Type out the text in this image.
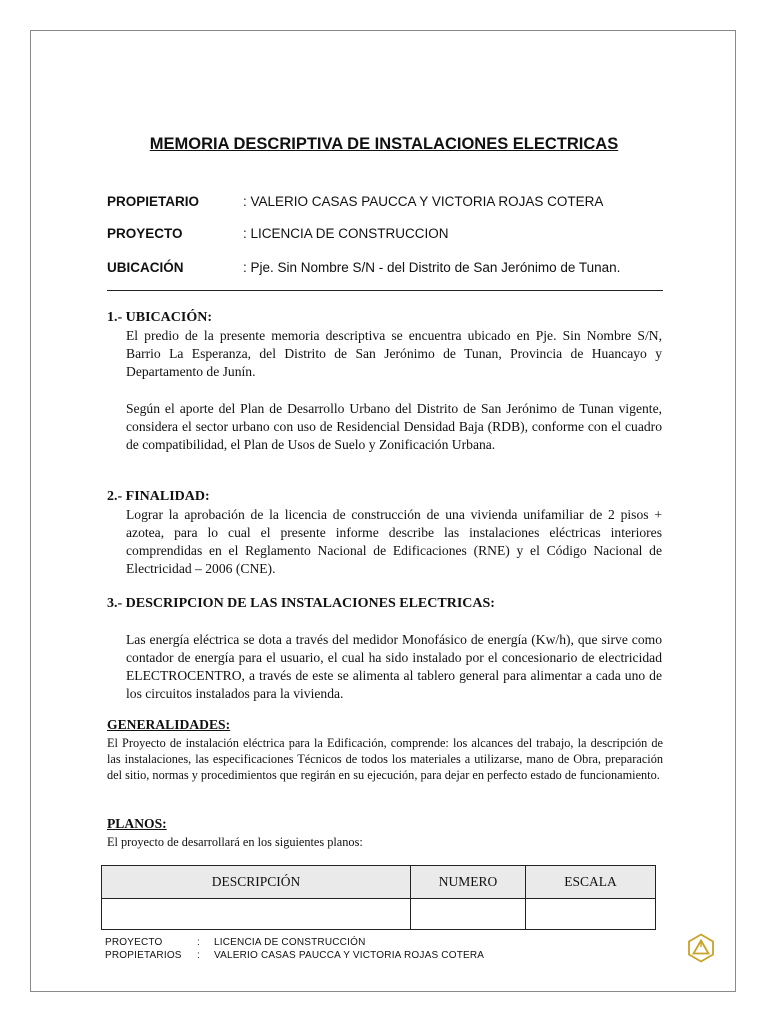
MEMORIA DESCRIPTIVA DE INSTALACIONES ELECTRICAS
PROPIETARIO	: VALERIO CASAS PAUCCA Y VICTORIA ROJAS COTERA
PROYECTO	: LICENCIA DE CONSTRUCCION
UBICACIÓN	: Pje. Sin Nombre S/N - del Distrito de San Jerónimo de Tunan.
1.- UBICACIÓN:
El predio de la presente memoria descriptiva se encuentra ubicado en Pje. Sin Nombre S/N, Barrio La Esperanza, del Distrito de San Jerónimo de Tunan, Provincia de Huancayo y Departamento de Junín.
Según el aporte del Plan de Desarrollo Urbano del Distrito de San Jerónimo de Tunan vigente, considera el sector urbano con uso de Residencial Densidad Baja (RDB), conforme con el cuadro de compatibilidad, el Plan de Usos de Suelo y Zonificación Urbana.
2.- FINALIDAD:
Lograr la aprobación de la licencia de construcción de una vivienda unifamiliar de 2 pisos + azotea, para lo cual el presente informe describe las instalaciones eléctricas interiores comprendidas en el Reglamento Nacional de Edificaciones (RNE) y el Código Nacional de Electricidad – 2006 (CNE).
3.- DESCRIPCION DE LAS INSTALACIONES ELECTRICAS:
Las energía eléctrica se dota a través del medidor Monofásico de energía (Kw/h), que sirve como contador de energía para el usuario, el cual ha sido instalado por el concesionario de electricidad ELECTROCENTRO, a través de este se alimenta al tablero general para alimentar a cada uno de los circuitos instalados para la vivienda.
GENERALIDADES:
El Proyecto de instalación eléctrica para la Edificación, comprende: los alcances del trabajo, la descripción de las instalaciones, las especificaciones Técnicos de todos los materiales a utilizarse, mano de Obra, preparación del sitio, normas y procedimientos que regirán en su ejecución, para dejar en perfecto estado de funcionamiento.
PLANOS:
El proyecto de desarrollará en los siguientes planos:
DESCRIPCIÓN	NUMERO	ESCALA

PROYECTO	: LICENCIA DE CONSTRUCCIÓN
PROPIETARIOS : VALERIO CASAS PAUCCA Y VICTORIA ROJAS COTERA
